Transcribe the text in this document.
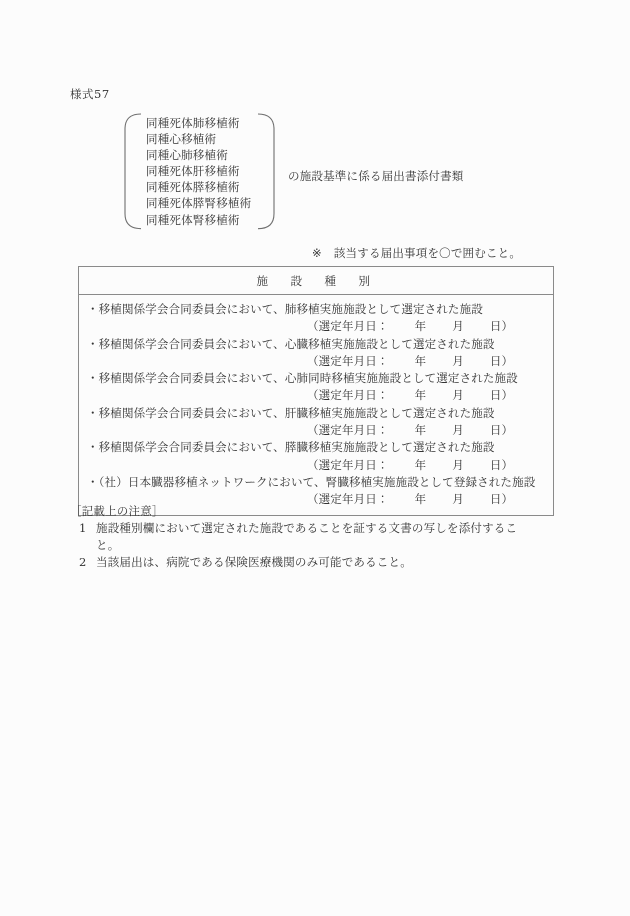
様式57
同種死体肺移植術
同種心移植術
同種心肺移植術
同種死体肝移植術
同種死体膵移植術
同種死体膵腎移植術
同種死体腎移植術
の施設基準に係る届出書添付書類
※ 該当する届出事項を〇で囲むこと。
施　設　種　別
・移植関係学会合同委員会において、肺移植実施施設として選定された施設
（選定年月日： 年 月 日）
・移植関係学会合同委員会において、心臓移植実施施設として選定された施設
（選定年月日： 年 月 日）
・移植関係学会合同委員会において、心肺同時移植実施施設として選定された施設
（選定年月日： 年 月 日）
・移植関係学会合同委員会において、肝臓移植実施施設として選定された施設
（選定年月日： 年 月 日）
・移植関係学会合同委員会において、膵臓移植実施施設として選定された施設
（選定年月日： 年 月 日）
・（社）日本臓器移植ネットワークにおいて、腎臓移植実施施設として登録された施設
（選定年月日： 年 月 日）
［記載上の注意］
1 施設種別欄において選定された施設であることを証する文書の写しを添付すること。
2 当該届出は、病院である保険医療機関のみ可能であること。
